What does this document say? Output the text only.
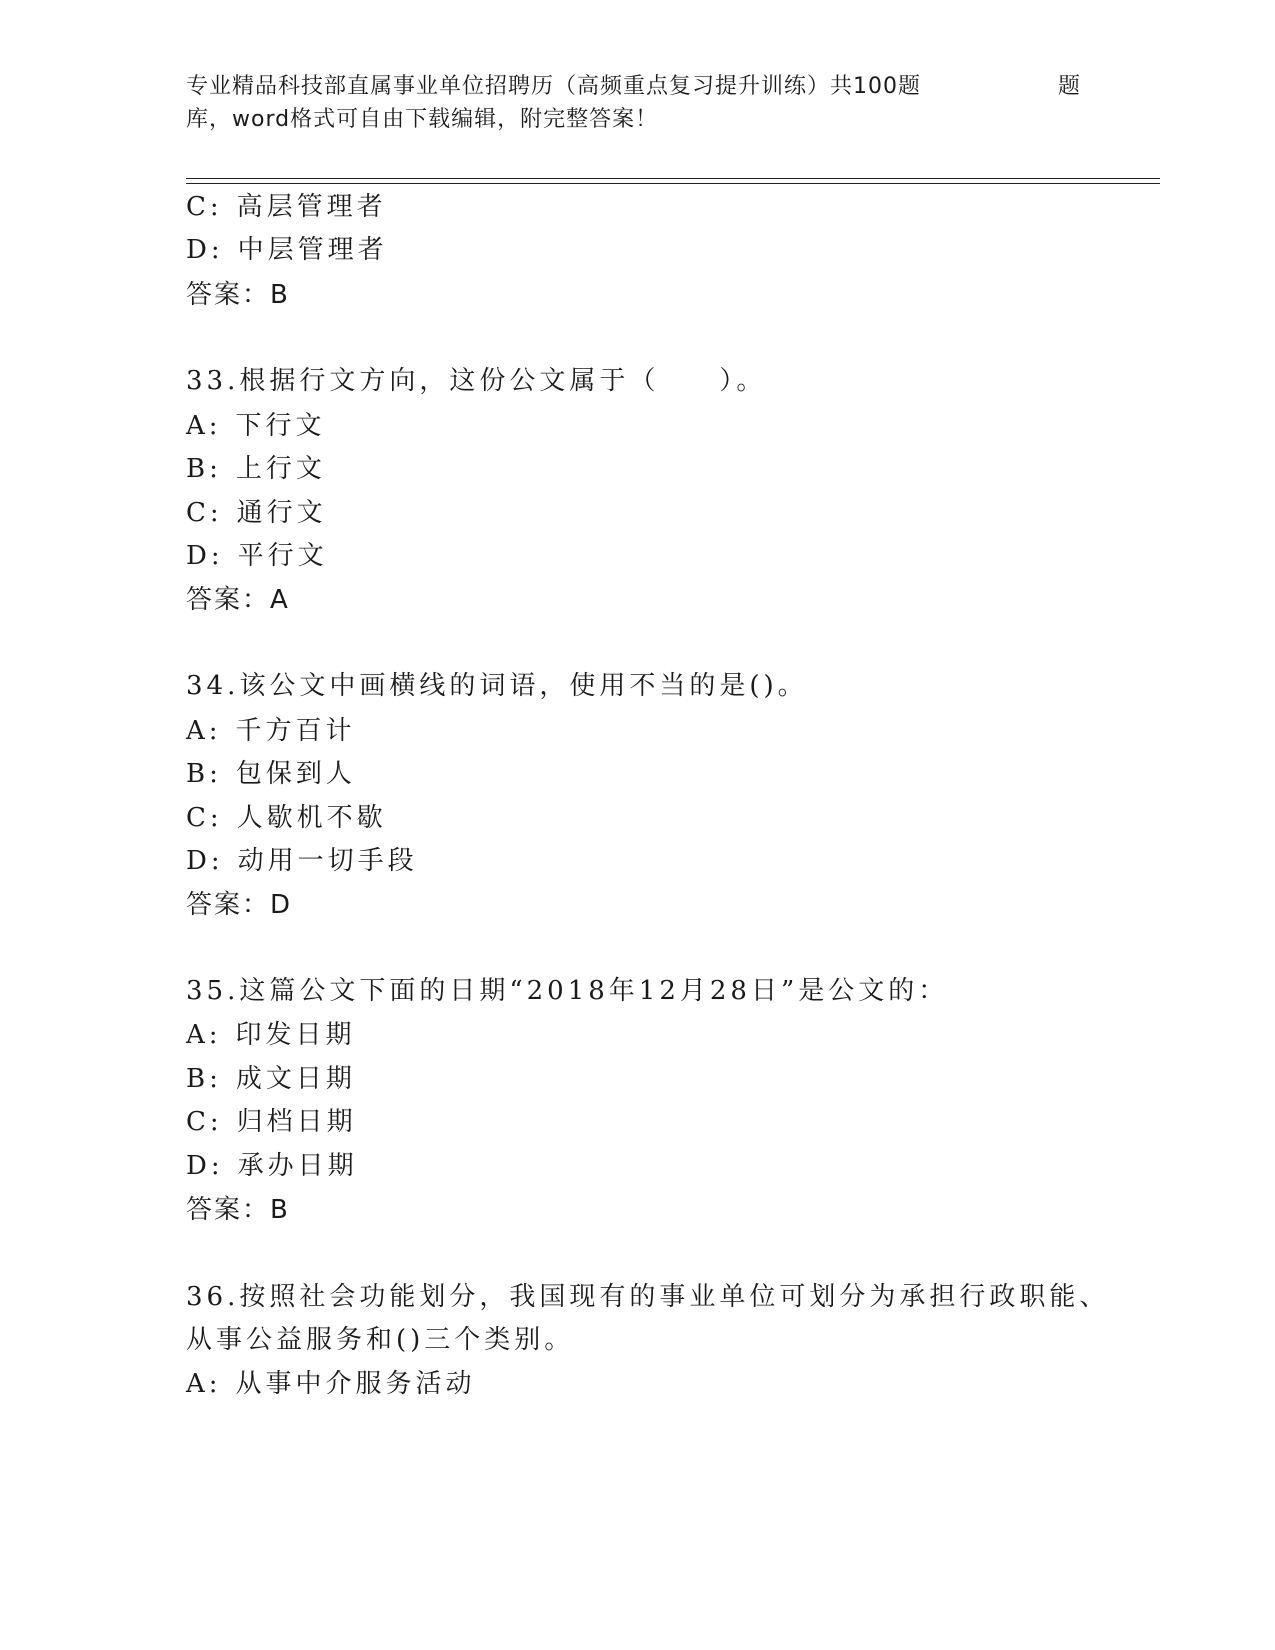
专业精品科技部直属事业单位招聘历（高频重点复习提升训练）共100题	题
库，word格式可自由下载编辑，附完整答案！
C: 高层管理者
D: 中层管理者
答案：B
33.根据行文方向，这份公文属于（　　）。
A: 下行文
B: 上行文
C: 通行文
D: 平行文
答案：A
34.该公文中画横线的词语，使用不当的是()。
A: 千方百计
B: 包保到人
C: 人歇机不歇
D: 动用一切手段
答案：D
35.这篇公文下面的日期“2018年12月28日”是公文的：
A: 印发日期
B: 成文日期
C: 归档日期
D: 承办日期
答案：B
36.按照社会功能划分，我国现有的事业单位可划分为承担行政职能、
从事公益服务和()三个类别。
A: 从事中介服务活动
